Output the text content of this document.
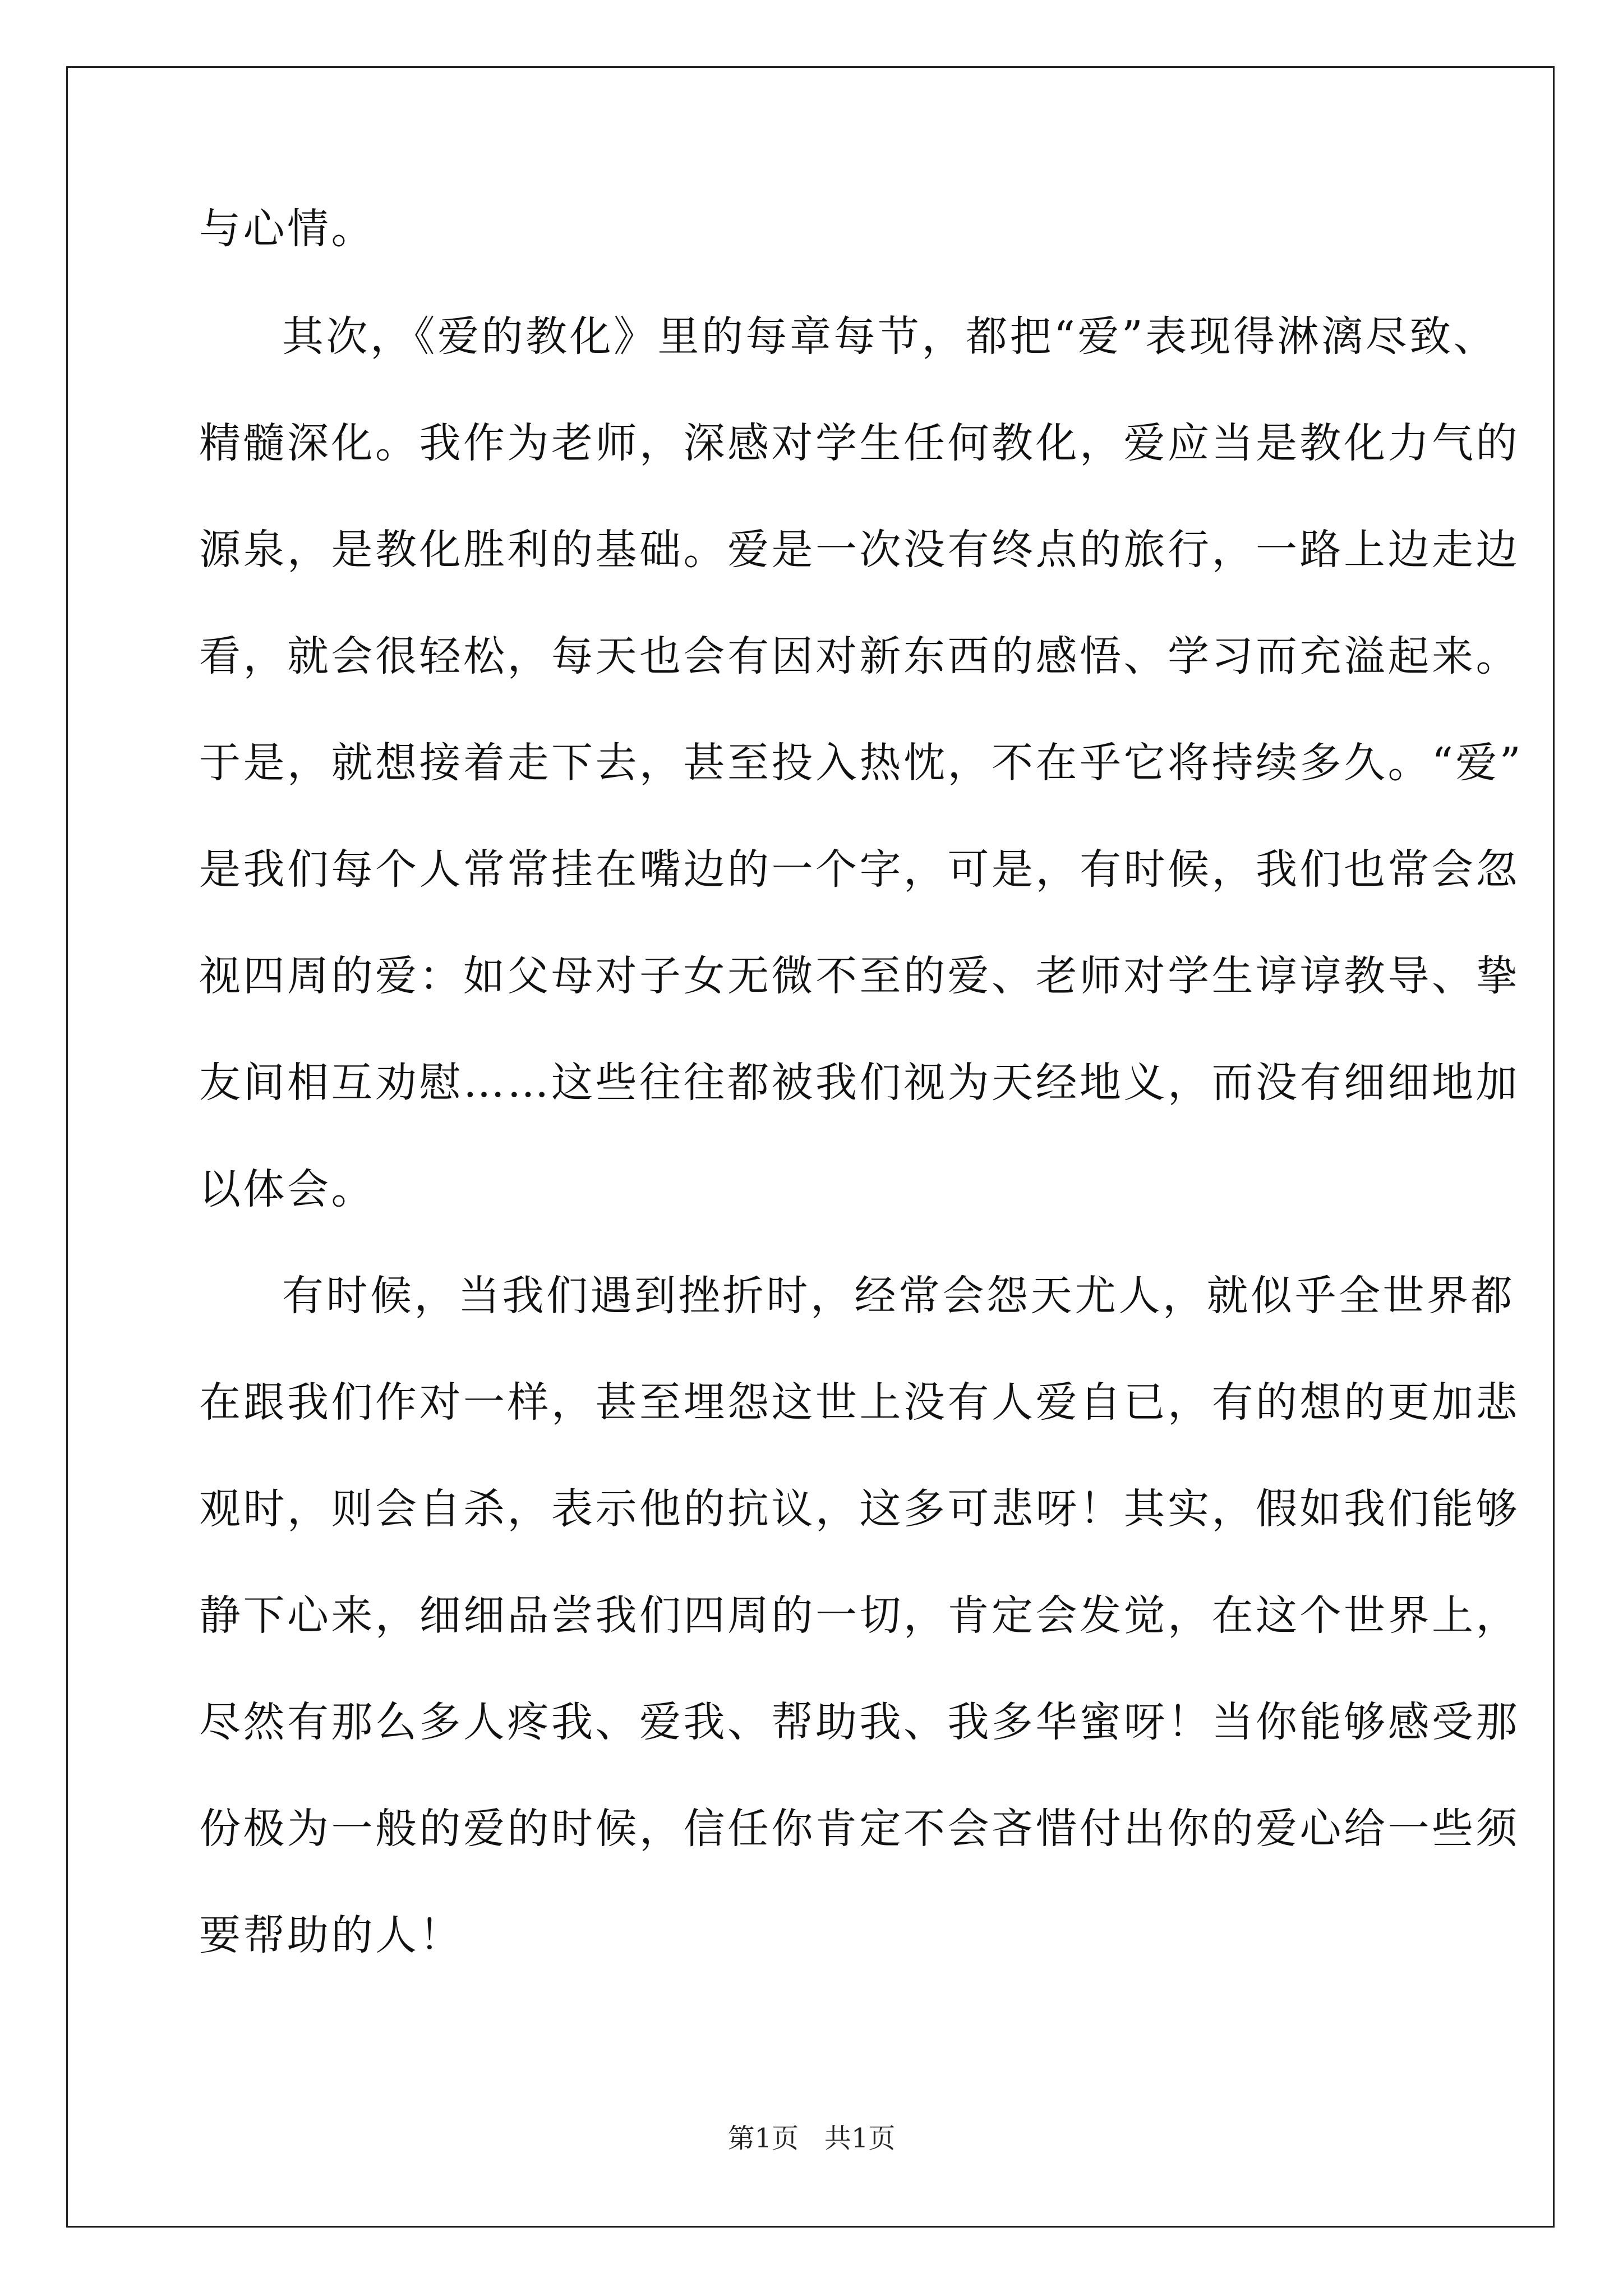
与心情。
其次，《爱的教化》里的每章每节，都把“爱”表现得淋漓尽致、
精髓深化。我作为老师，深感对学生任何教化，爱应当是教化力气的
源泉，是教化胜利的基础。爱是一次没有终点的旅行，一路上边走边
看，就会很轻松，每天也会有因对新东西的感悟、学习而充溢起来。
于是，就想接着走下去，甚至投入热忱，不在乎它将持续多久。“爱”
是我们每个人常常挂在嘴边的一个字，可是，有时候，我们也常会忽
视四周的爱：如父母对子女无微不至的爱、老师对学生谆谆教导、挚
友间相互劝慰……这些往往都被我们视为天经地义，而没有细细地加
以体会。
有时候，当我们遇到挫折时，经常会怨天尤人，就似乎全世界都
在跟我们作对一样，甚至埋怨这世上没有人爱自已，有的想的更加悲
观时，则会自杀，表示他的抗议，这多可悲呀！其实，假如我们能够
静下心来，细细品尝我们四周的一切，肯定会发觉，在这个世界上，
尽然有那么多人疼我、爱我、帮助我、我多华蜜呀！当你能够感受那
份极为一般的爱的时候，信任你肯定不会吝惜付出你的爱心给一些须
要帮助的人！
第1页   共1页
